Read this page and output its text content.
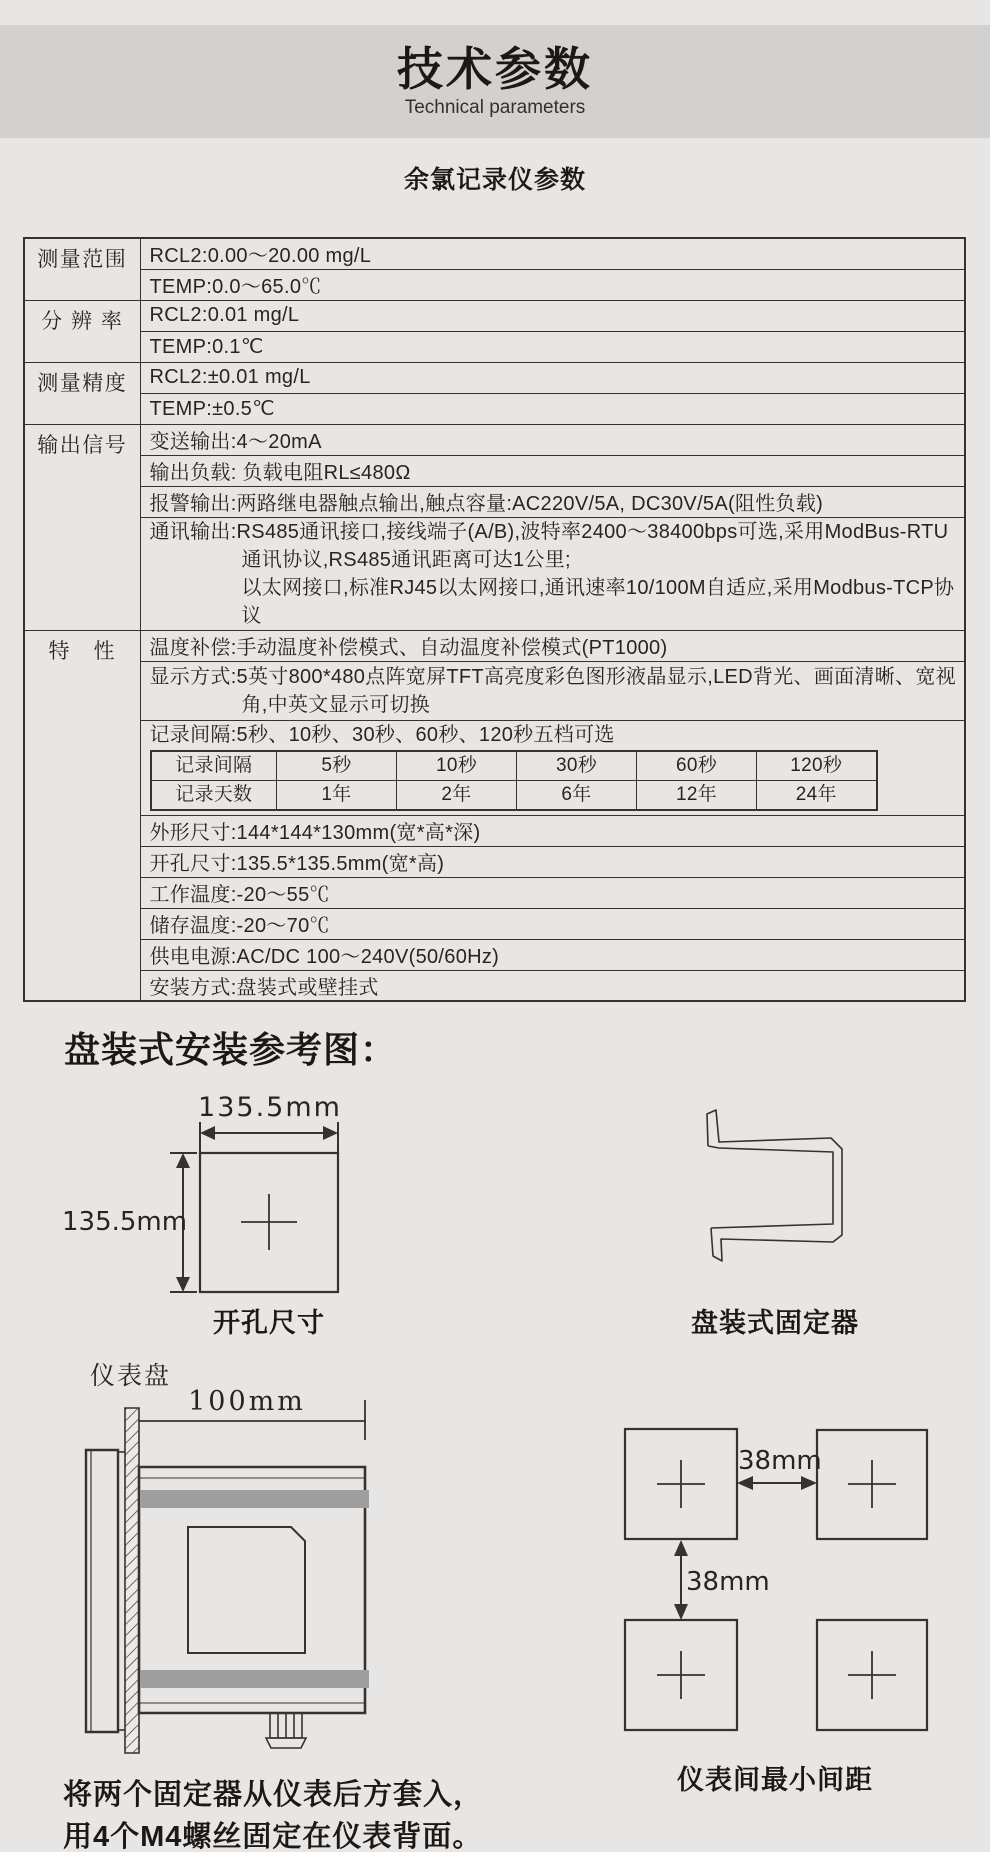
技术参数
Technical parameters
余氯记录仪参数
测量范围	RCL2:0.00～20.00 mg/L
TEMP:0.0～65.0℃
分 辨 率	RCL2:0.01 mg/L
TEMP:0.1℃
测量精度	RCL2:±0.01 mg/L
TEMP:±0.5℃
输出信号	变送输出:4～20mA
输出负载: 负载电阻RL≤480Ω
报警输出:两路继电器触点输出,触点容量:AC220V/5A, DC30V/5A(阻性负载)

通讯输出:RS485通讯接口,接线端子(A/B),波特率2400～38400bps可选,采用ModBus-RTU
通讯协议,RS485通讯距离可达1公里;
以太网接口,标准RJ45以太网接口,通讯速率10/100M自适应,采用Modbus-TCP协议

特　性	温度补偿:手动温度补偿模式、自动温度补偿模式(PT1000)

显示方式:5英寸800*480点阵宽屏TFT高亮度彩色图形液晶显示,LED背光、画面清晰、宽视
角,中英文显示可切换

记录间隔:5秒、10秒、30秒、60秒、120秒五档可选
记录间隔	5秒	10秒	30秒	60秒	120秒
记录天数	1年	2年	6年	12年	24年

外形尺寸:144*144*130mm(宽*高*深)
开孔尺寸:135.5*135.5mm(宽*高)
工作温度:-20～55℃
储存温度:-20～70℃
供电电源:AC/DC 100～240V(50/60Hz)
安装方式:盘装式或壁挂式
盘装式安装参考图：
135.5mm
135.5mm
开孔尺寸	盘装式固定器
仪表盘
100mm
38mm
38mm
仪表间最小间距
将两个固定器从仪表后方套入，
用4个M4螺丝固定在仪表背面。
